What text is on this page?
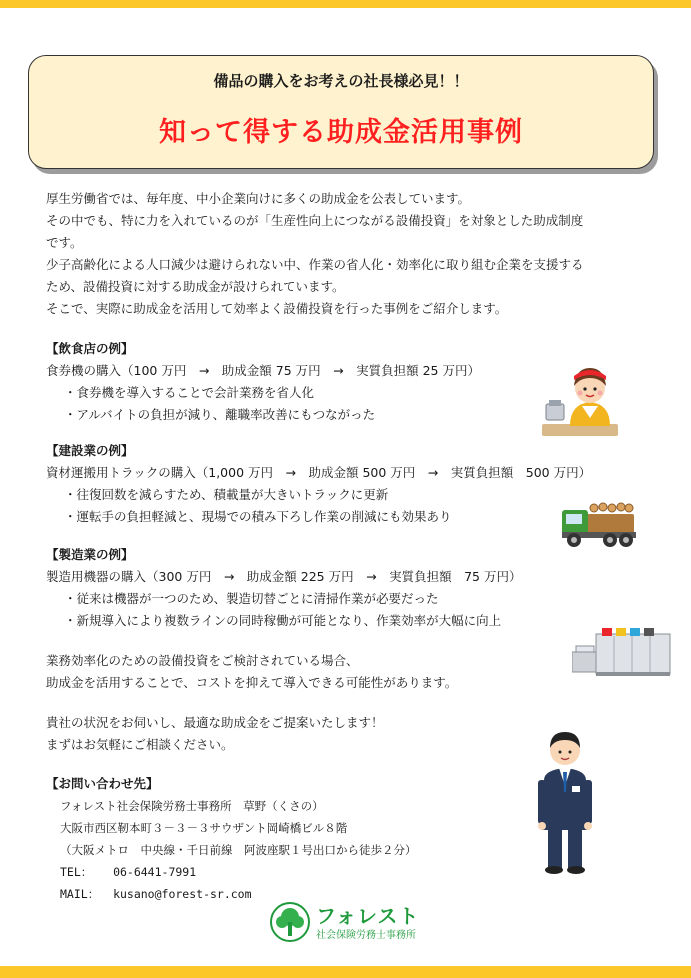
備品の購入をお考えの社長様必見！！
知って得する助成金活用事例
厚生労働省では、毎年度、中小企業向けに多くの助成金を公表しています。
その中でも、特に力を入れているのが「生産性向上につながる設備投資」を対象とした助成制度
です。
少子高齢化による人口減少は避けられない中、作業の省人化・効率化に取り組む企業を支援する
ため、設備投資に対する助成金が設けられています。
そこで、実際に助成金を活用して効率よく設備投資を行った事例をご紹介します。
【飲食店の例】
食券機の購入（100 万円　→　助成金額 75 万円　→　実質負担額 25 万円）
・食券機を導入することで会計業務を省人化
・アルバイトの負担が減り、離職率改善にもつながった
【建設業の例】
資材運搬用トラックの購入（1,000 万円　→　助成金額 500 万円　→　実質負担額　500 万円）
・往復回数を減らすため、積載量が大きいトラックに更新
・運転手の負担軽減と、現場での積み下ろし作業の削減にも効果あり
【製造業の例】
製造用機器の購入（300 万円　→　助成金額 225 万円　→　実質負担額　75 万円）
・従来は機器が一つのため、製造切替ごとに清掃作業が必要だった
・新規導入により複数ラインの同時稼働が可能となり、作業効率が大幅に向上
業務効率化のための設備投資をご検討されている場合、
助成金を活用することで、コストを抑えて導入できる可能性があります。
貴社の状況をお伺いし、最適な助成金をご提案いたします！
まずはお気軽にご相談ください。
【お問い合わせ先】
フォレスト社会保険労務士事務所　草野（くさの）
大阪市西区靭本町３－３－３サウザント岡崎橋ビル８階
（大阪メトロ　中央線・千日前線　阿波座駅１号出口から徒歩２分）
TEL： 06-6441-7991
MAIL： kusano@forest-sr.com
フォレスト
社会保険労務士事務所
